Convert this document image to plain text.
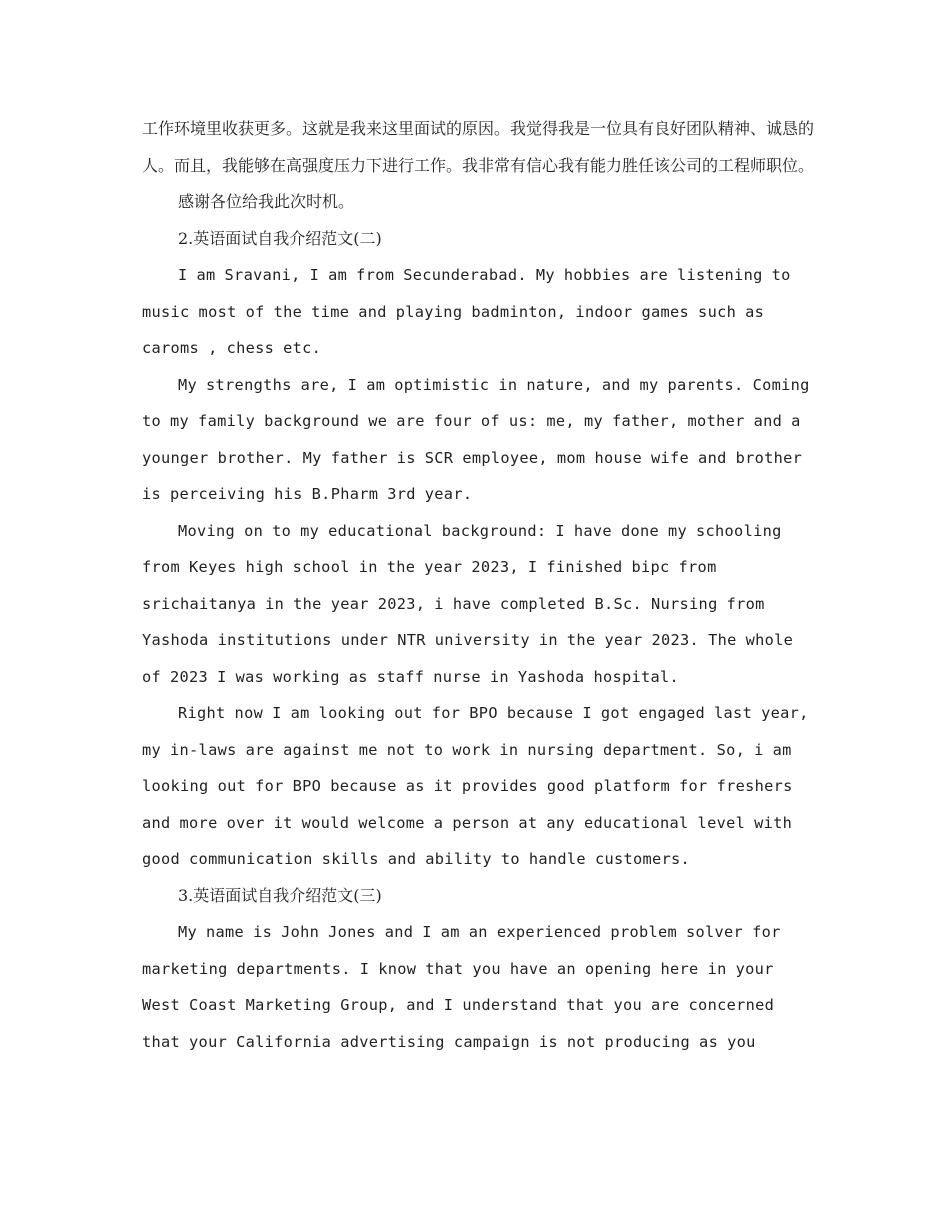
工作环境里收获更多。这就是我来这里面试的原因。我觉得我是一位具有良好团队精神、诚恳的人。而且，我能够在高强度压力下进行工作。我非常有信心我有能力胜任该公司的工程师职位。

感谢各位给我此次时机。

2.英语面试自我介绍范文(二)

I am Sravani, I am from Secunderabad. My hobbies are listening to music most of the time and playing badminton, indoor games such as caroms , chess etc.

My strengths are, I am optimistic in nature, and my parents. Coming to my family background we are four of us: me, my father, mother and a younger brother. My father is SCR employee, mom house wife and brother is perceiving his B.Pharm 3rd year.

Moving on to my educational background: I have done my schooling from Keyes high school in the year 2023, I finished bipc from srichaitanya in the year 2023, i have completed B.Sc. Nursing from Yashoda institutions under NTR university in the year 2023. The whole of 2023 I was working as staff nurse in Yashoda hospital.

Right now I am looking out for BPO because I got engaged last year, my in-laws are against me not to work in nursing department. So, i am looking out for BPO because as it provides good platform for freshers and more over it would welcome a person at any educational level with good communication skills and ability to handle customers.

3.英语面试自我介绍范文(三)

My name is John Jones and I am an experienced problem solver for marketing departments. I know that you have an opening here in your West Coast Marketing Group, and I understand that you are concerned that your California advertising campaign is not producing as you
